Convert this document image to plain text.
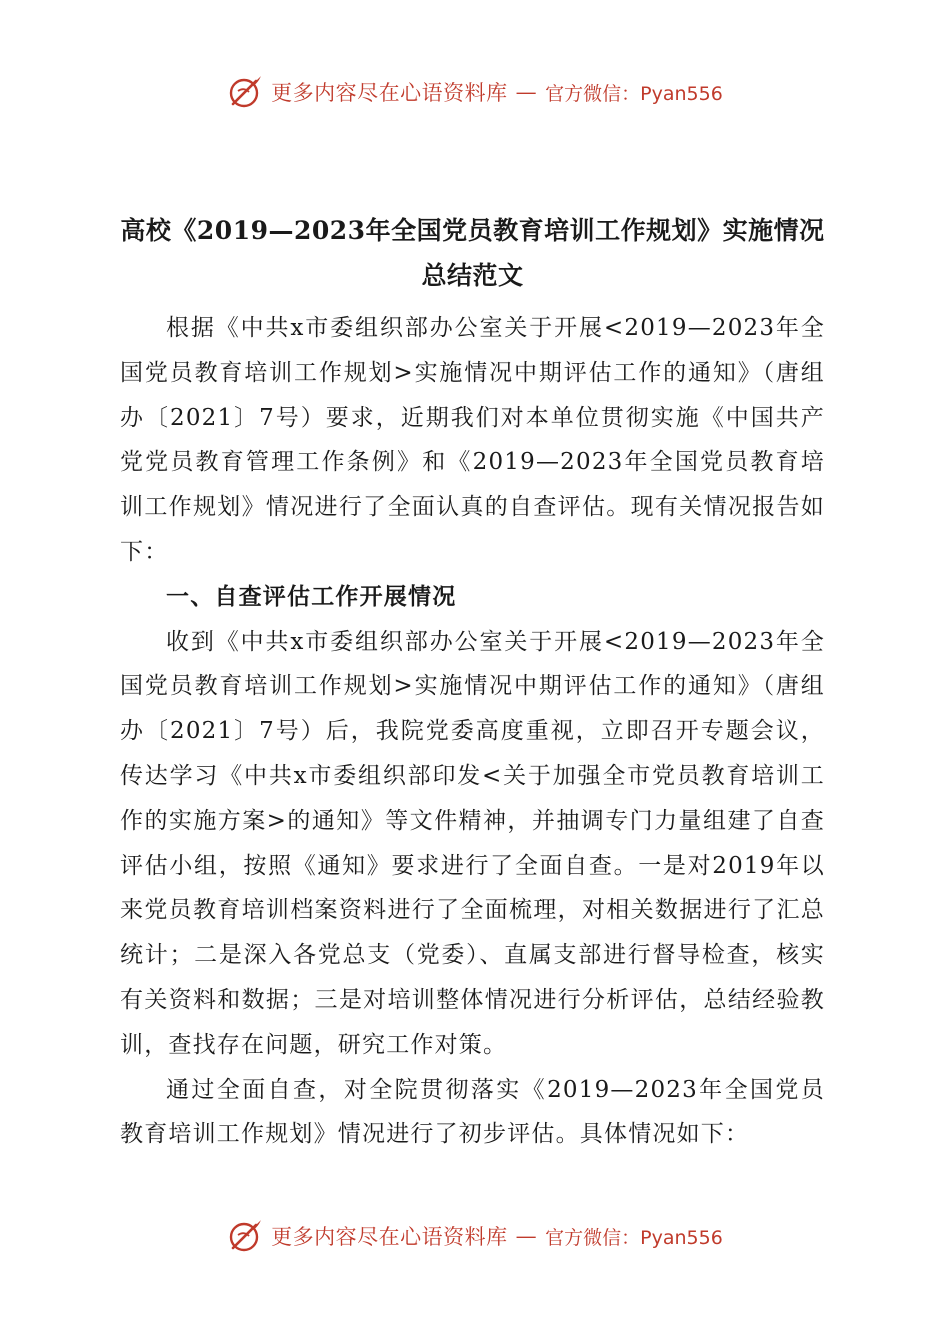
更多内容尽在心语资料库 — 官方微信：Pyan556
高校《2019—2023年全国党员教育培训工作规划》实施情况总结范文

根据《中共x市委组织部办公室关于开展<2019—2023年全国党员教育培训工作规划>实施情况中期评估工作的通知》（唐组办〔2021〕7号）要求，近期我们对本单位贯彻实施《中国共产党党员教育管理工作条例》和《2019—2023年全国党员教育培训工作规划》情况进行了全面认真的自查评估。现有关情况报告如下：

一、自查评估工作开展情况

收到《中共x市委组织部办公室关于开展<2019—2023年全国党员教育培训工作规划>实施情况中期评估工作的通知》（唐组办〔2021〕7号）后，我院党委高度重视，立即召开专题会议，传达学习《中共x市委组织部印发<关于加强全市党员教育培训工作的实施方案>的通知》等文件精神，并抽调专门力量组建了自查评估小组，按照《通知》要求进行了全面自查。一是对2019年以来党员教育培训档案资料进行了全面梳理，对相关数据进行了汇总统计；二是深入各党总支（党委）、直属支部进行督导检查，核实有关资料和数据；三是对培训整体情况进行分析评估，总结经验教训，查找存在问题，研究工作对策。

通过全面自查，对全院贯彻落实《2019—2023年全国党员教育培训工作规划》情况进行了初步评估。具体情况如下：

更多内容尽在心语资料库 — 官方微信：Pyan556
